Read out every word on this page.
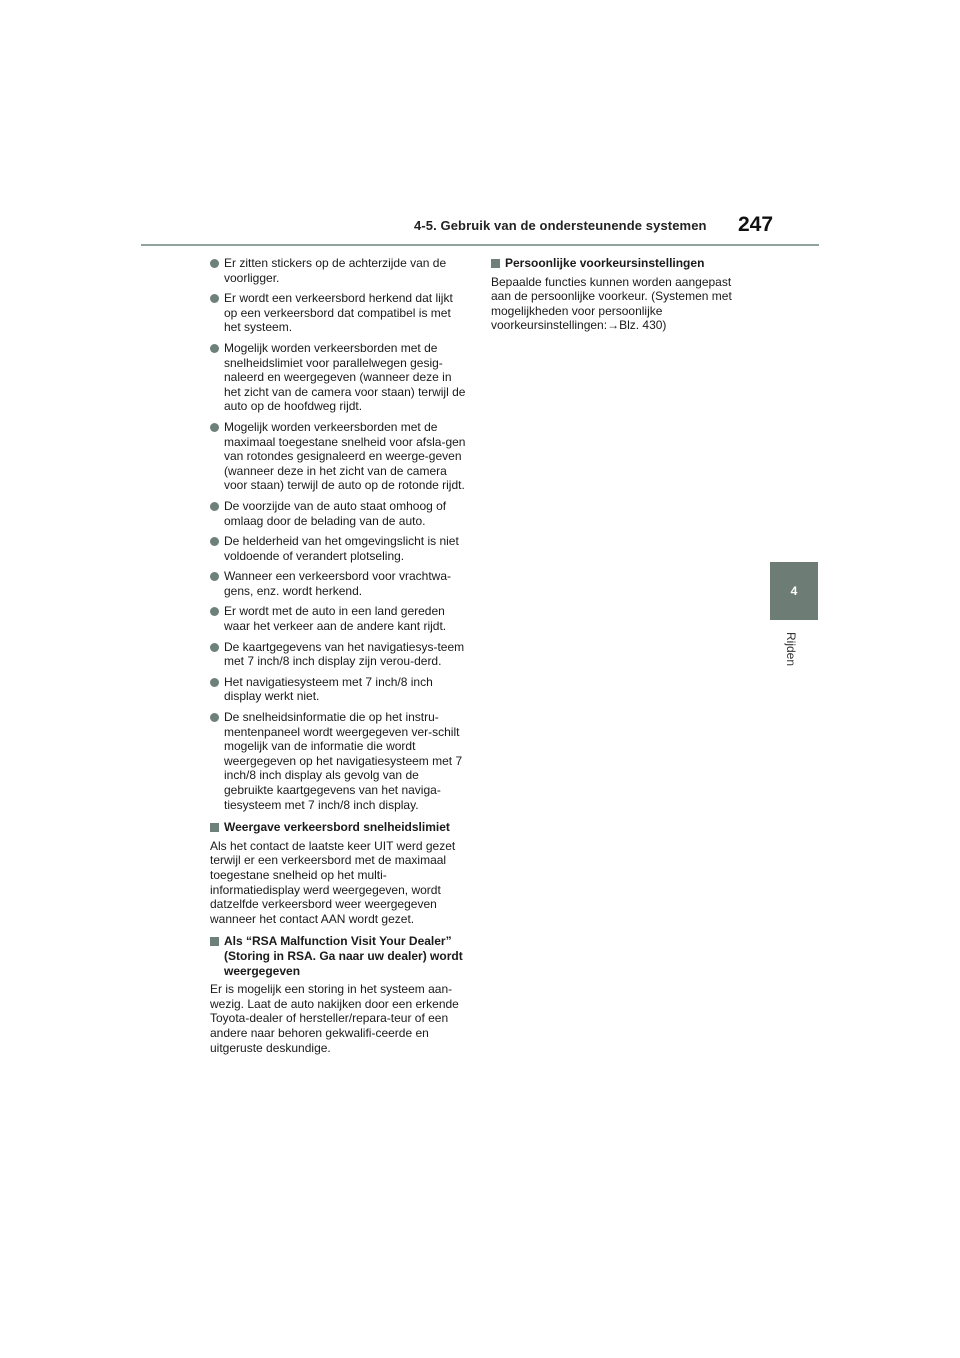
4-5. Gebruik van de ondersteunende systemen 247
4
Rijden
Er zitten stickers op de achterzijde van de voorligger.
Er wordt een verkeersbord herkend dat lijkt op een verkeersbord dat compatibel is met het systeem.
Mogelijk worden verkeersborden met de snelheidslimiet voor parallelwegen gesig-naleerd en weergegeven (wanneer deze in het zicht van de camera voor staan) terwijl de auto op de hoofdweg rijdt.
Mogelijk worden verkeersborden met de maximaal toegestane snelheid voor afsla-gen van rotondes gesignaleerd en weerge-geven (wanneer deze in het zicht van de camera voor staan) terwijl de auto op de rotonde rijdt.
De voorzijde van de auto staat omhoog of omlaag door de belading van de auto.
De helderheid van het omgevingslicht is niet voldoende of verandert plotseling.
Wanneer een verkeersbord voor vrachtwa-gens, enz. wordt herkend.
Er wordt met de auto in een land gereden waar het verkeer aan de andere kant rijdt.
De kaartgegevens van het navigatiesys-teem met 7 inch/8 inch display zijn verou-derd.
Het navigatiesysteem met 7 inch/8 inch display werkt niet.
De snelheidsinformatie die op het instru-mentenpaneel wordt weergegeven ver-schilt mogelijk van de informatie die wordt weergegeven op het navigatiesysteem met 7 inch/8 inch display als gevolg van de gebruikte kaartgegevens van het naviga-tiesysteem met 7 inch/8 inch display.
Weergave verkeersbord snelheidslimiet
Als het contact de laatste keer UIT werd gezet terwijl er een verkeersbord met de maximaal toegestane snelheid op het multi-informatiedisplay werd weergegeven, wordt datzelfde verkeersbord weer weergegeven wanneer het contact AAN wordt gezet.
Als “RSA Malfunction Visit Your Dealer” (Storing in RSA. Ga naar uw dealer) wordt weergegeven
Er is mogelijk een storing in het systeem aan-wezig. Laat de auto nakijken door een erkende Toyota-dealer of hersteller/repara-teur of een andere naar behoren gekwalifi-ceerde en uitgeruste deskundige.
Persoonlijke voorkeursinstellingen
Bepaalde functies kunnen worden aangepast aan de persoonlijke voorkeur. (Systemen met mogelijkheden voor persoonlijke voorkeursinstellingen:→Blz. 430)
